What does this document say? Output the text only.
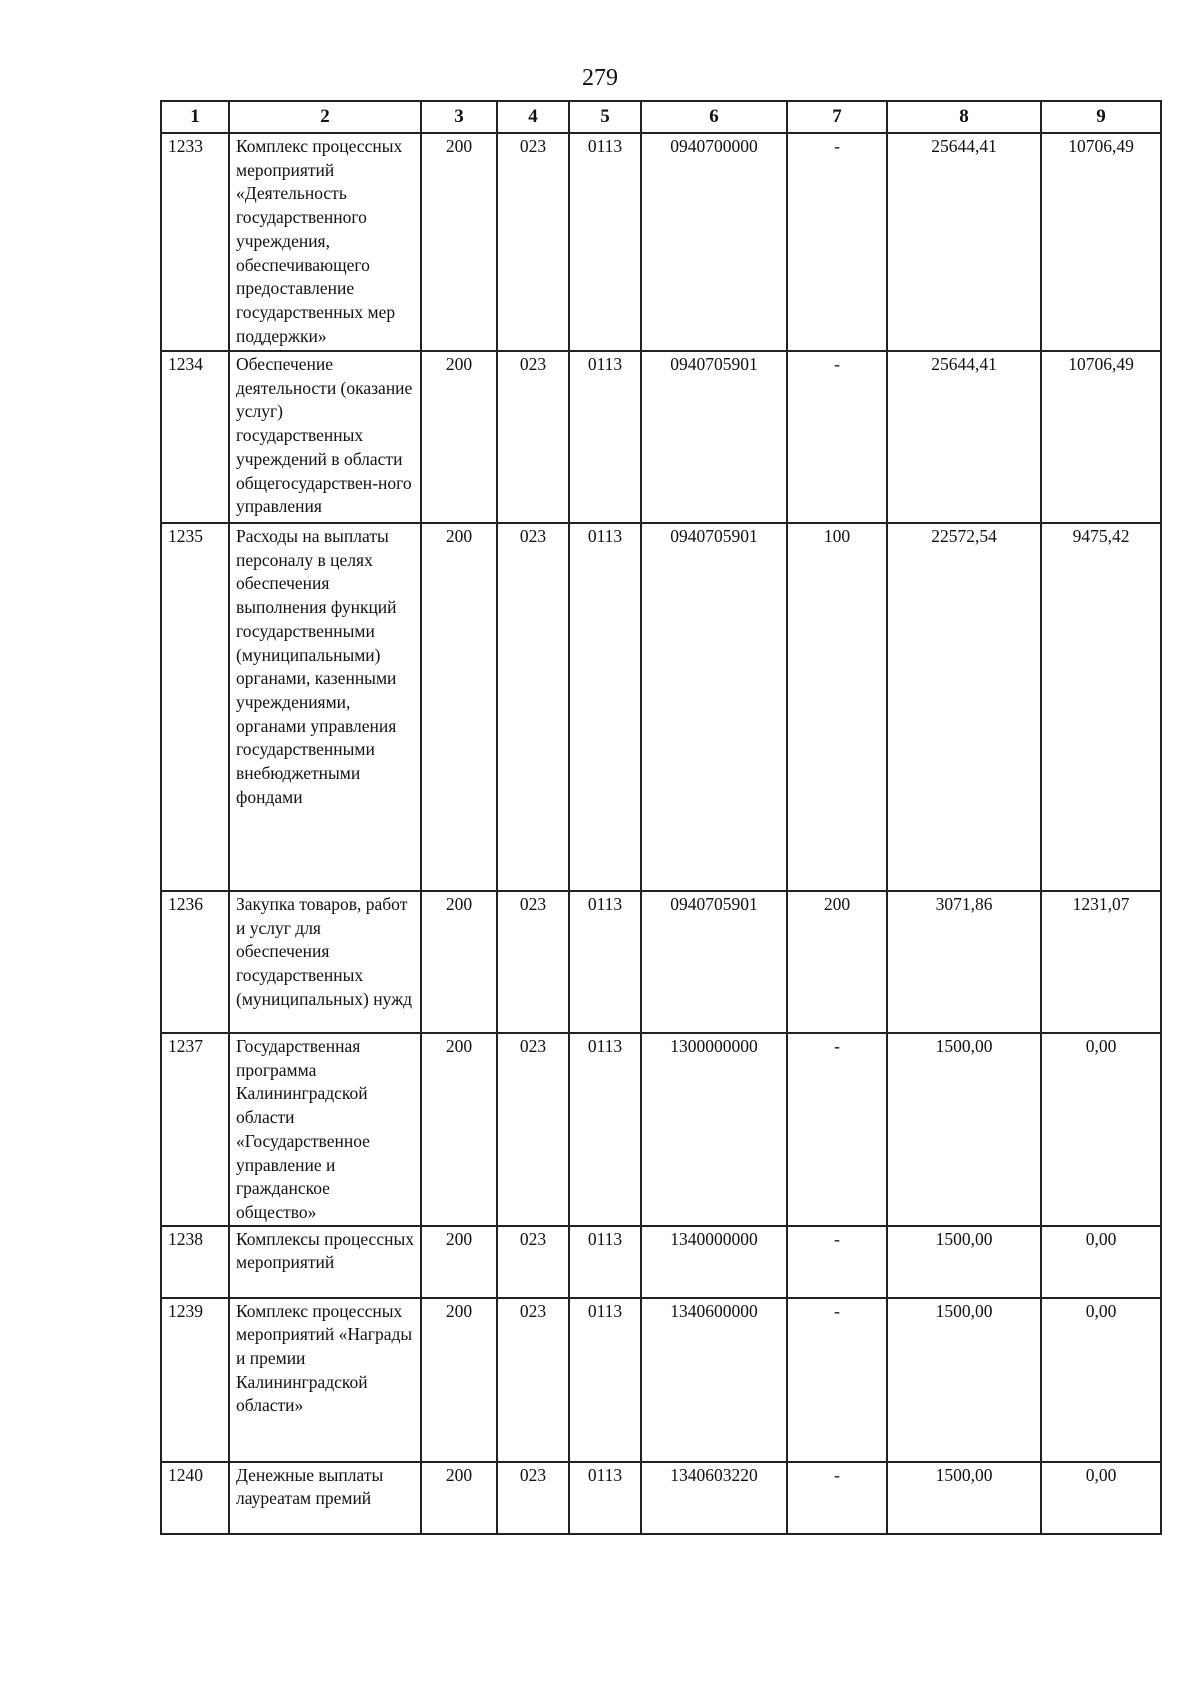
279
1	2	3	4	5	6	7	8	9
1233	Комплекс процессных мероприятий «Деятельность государственного учреждения, обеспечивающего предоставление государственных мер поддержки»	200	023	0113	0940700000	-	25644,41	10706,49
1234	Обеспечение деятельности (оказание услуг) государственных учреждений в области общегосударствен-ного управления	200	023	0113	0940705901	-	25644,41	10706,49
1235	Расходы на выплаты персоналу в целях обеспечения выполнения функций государственными (муниципальными) органами, казенными учреждениями, органами управления государственными внебюджетными фондами	200	023	0113	0940705901	100	22572,54	9475,42
1236	Закупка товаров, работ и услуг для обеспечения государственных (муниципальных) нужд	200	023	0113	0940705901	200	3071,86	1231,07
1237	Государственная программа Калининградской области «Государственное управление и гражданское общество»	200	023	0113	1300000000	-	1500,00	0,00
1238	Комплексы процессных мероприятий	200	023	0113	1340000000	-	1500,00	0,00
1239	Комплекс процессных мероприятий «Награды и премии Калининградской области»	200	023	0113	1340600000	-	1500,00	0,00
1240	Денежные выплаты лауреатам премий	200	023	0113	1340603220	-	1500,00	0,00
